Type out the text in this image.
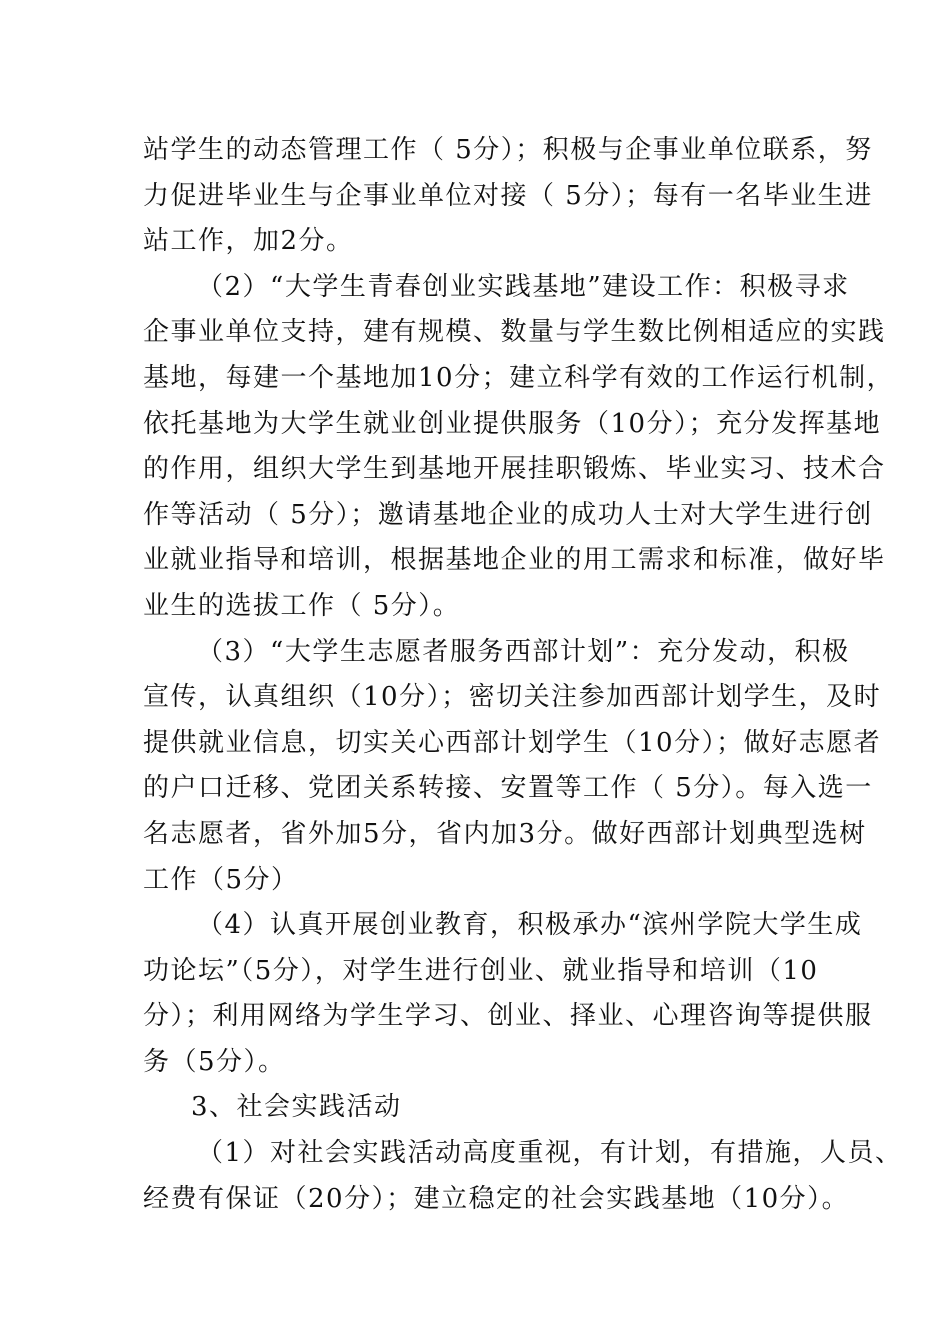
站学生的动态管理工作（ 5分）；积极与企事业单位联系，努
力促进毕业生与企事业单位对接（ 5分）；每有一名毕业生进
站工作，加2分。
（2）“大学生青春创业实践基地”建设工作：积极寻求
企事业单位支持，建有规模、数量与学生数比例相适应的实践
基地，每建一个基地加10分；建立科学有效的工作运行机制，
依托基地为大学生就业创业提供服务（10分）；充分发挥基地
的作用，组织大学生到基地开展挂职锻炼、毕业实习、技术合
作等活动（ 5分）；邀请基地企业的成功人士对大学生进行创
业就业指导和培训，根据基地企业的用工需求和标准，做好毕
业生的选拔工作（ 5分）。
（3）“大学生志愿者服务西部计划”：充分发动，积极
宣传，认真组织（10分）；密切关注参加西部计划学生，及时
提供就业信息，切实关心西部计划学生（10分）；做好志愿者
的户口迁移、党团关系转接、安置等工作（ 5分）。每入选一
名志愿者，省外加5分，省内加3分。做好西部计划典型选树
工作（5分）
（4）认真开展创业教育，积极承办“滨州学院大学生成
功论坛”（5分），对学生进行创业、就业指导和培训（10
分）；利用网络为学生学习、创业、择业、心理咨询等提供服
务（5分）。
3、社会实践活动
（1）对社会实践活动高度重视，有计划，有措施，人员、
经费有保证（20分）；建立稳定的社会实践基地（10分）。
